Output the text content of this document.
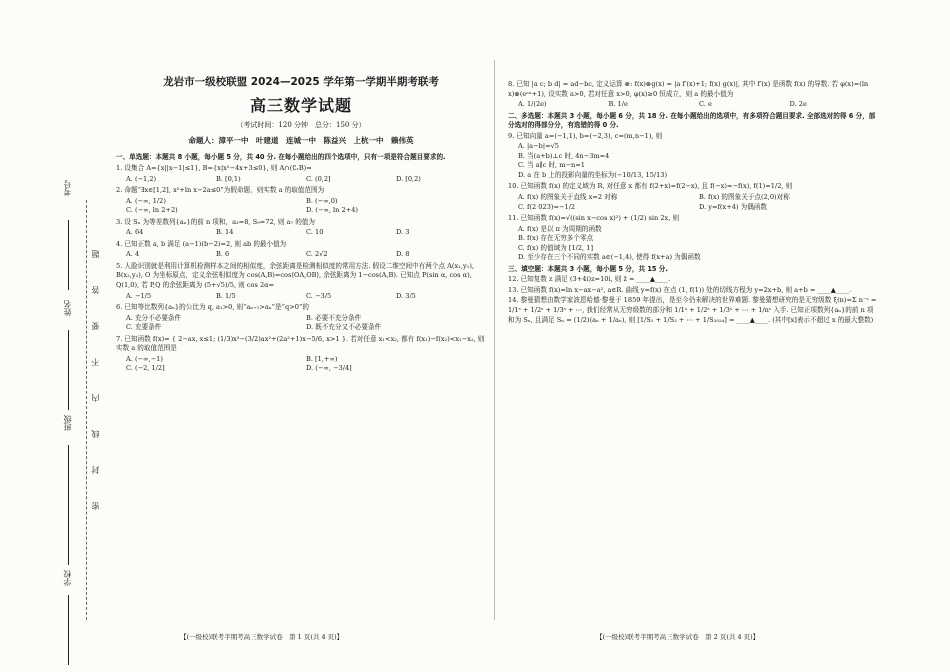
考号
姓名
班级
学校
密　封　线　内　不　要　答　题
龙岩市一级校联盟 2024—2025 学年第一学期半期考联考
高三数学试题
（考试时间：120 分钟　总分：150 分）
命题人：漳平一中　叶建道　连城一中　陈益兴　上杭一中　赖伟英
一、单选题：本题共 8 小题，每小题 5 分，共 40 分. 在每小题给出的四个选项中，只有一项是符合题目要求的.
1. 设集合 A={x||x−1|≤1}, B={x|x²−4x+3≤0}, 则 A∩(∁ᵣB)=
A. (−1,2)	B. [0,1)	C. (0,2]	D. [0,2)
2. 命题“∃x∈[1,2], x²+ln x−2a≤0”为假命题，则实数 a 的取值范围为
A. (−∞, 1/2)	B. (−∞,0)
C. (−∞, ln 2+2)	D. (−∞, ln 2+4)
3. 设 Sₙ 为等差数列{aₙ}的前 n 项和，a₃=8, S₉=72, 则 a₇ 的值为
A. 64	B. 14	C. 10	D. 3
4. 已知正数 a, b 满足 (a−1)(b−2)=2, 则 ab 的最小值为
A. 4	B. 6	C. 2√2	D. 8
5. 人脸识别就是利用计算机检测样本之间的相似度，余弦距离是检测相似度的常用方法. 假设二维空间中有两个点 A(x₁,y₁), B(x₂,y₂), O 为坐标原点，定义余弦相似度为 cos(A,B)=cos⟨OA,OB⟩, 余弦距离为 1−cos(A,B). 已知点 P(sin α, cos α), Q(1,0), 若 P,Q 的余弦距离为 (5+√5)/5, 则 cos 2α=
A. −1/5	B. 1/5	C. −3/5	D. 3/5
6. 已知等比数列{aₙ}的公比为 q, a₁>0, 则“aₙ₊₁>aₙ”是“q>0”的
A. 充分不必要条件	B. 必要不充分条件
C. 充要条件	D. 既不充分又不必要条件
7. 已知函数 f(x)= { 2−ax, x≤1; (1/3)x³−(3/2)ax²+(2a²+1)x−5/6, x>1 }. 若对任意 x₁<x₂, 都有 f(x₁)−f(x₂)<x₁−x₂, 则实数 a 的取值范围是
A. (−∞,−1)	B. [1,+∞)
C. (−2, 1/2]	D. (−∞, −3/4]
8. 已知 |a c; b d| = ad−bc, 定义运算 ⊗: f(x)⊗g(x) = |a f′(x)+1; f(x) g(x)|, 其中 f′(x) 是函数 f(x) 的导数. 若 φ(x)=(ln x)⊗(eᵃˣ+1), 设实数 a>0, 若对任意 x>0, φ(x)≥0 恒成立，则 a 的最小值为
A. 1/(2e)	B. 1/e	C. e	D. 2e
二、多选题：本题共 3 小题，每小题 6 分，共 18 分. 在每小题给出的选项中，有多项符合题目要求. 全部选对的得 6 分，部分选对的得部分分，有选错的得 0 分.
9. 已知向量 a=(−1,1), b=(−2,3), c=(m,n−1), 则
A. |a−b|=√5
B. 当(a+b)⊥c 时, 4n−3m=4
C. 当 a∥c 时, m−n=1
D. a 在 b 上的投影向量的坐标为(−10/13, 15/13)
10. 已知函数 f(x) 的定义域为 R, 对任意 x 都有 f(2+x)=f(2−x), 且 f(−x)=−f(x), f(1)=1/2, 则
A. f(x) 的图象关于直线 x=2 对称	B. f(x) 的图象关于点(2,0)对称
C. f(2 023)=−1/2	D. y=f(x+4) 为偶函数
11. 已知函数 f(x)=√((sin x−cos x)²) + (1/2) sin 2x, 则
A. f(x) 是以 π 为周期的函数
B. f(x) 存在无穷多个零点
C. f(x) 的值域为 [1/2, 1]
D. 至少存在三个不同的实数 a∈(−1,4), 使得 f(x+a) 为偶函数
三、填空题：本题共 3 小题，每小题 5 分，共 15 分.
12. 已知复数 z 满足 (3+4i)z=10i, 则 z̄ = ____▲____.
13. 已知函数 f(x)=ln x−ax−a², a∈R. 曲线 y=f(x) 在点 (1, f(1)) 处的切线方程为 y=2x+b, 则 a+b = ____▲____.
14. 黎曼猜想由数学家波恩哈德·黎曼于 1859 年提出，是至今仍未解决的世界难题. 黎曼猜想研究的是无穷级数 ξ(n)=Σ n⁻ˢ = 1/1ˢ + 1/2ˢ + 1/3ˢ + ⋯, 我们经常从无穷级数的部分和 1/1ˢ + 1/2ˢ + 1/3ˢ + ⋯ + 1/nˢ 入手. 已知正项数列{aₙ}的前 n 项和为 Sₙ, 且满足 Sₙ = (1/2)(aₙ + 1/aₙ), 则 [1/S₁ + 1/S₂ + ⋯ + 1/S₂₀₂₄] = ____▲____. (其中[x]表示不超过 x 的最大整数)
【(一级校)联考半期考高三数学试卷　第 1 页(共 4 页)】	【(一级校)联考半期考高三数学试卷　第 2 页(共 4 页)】
